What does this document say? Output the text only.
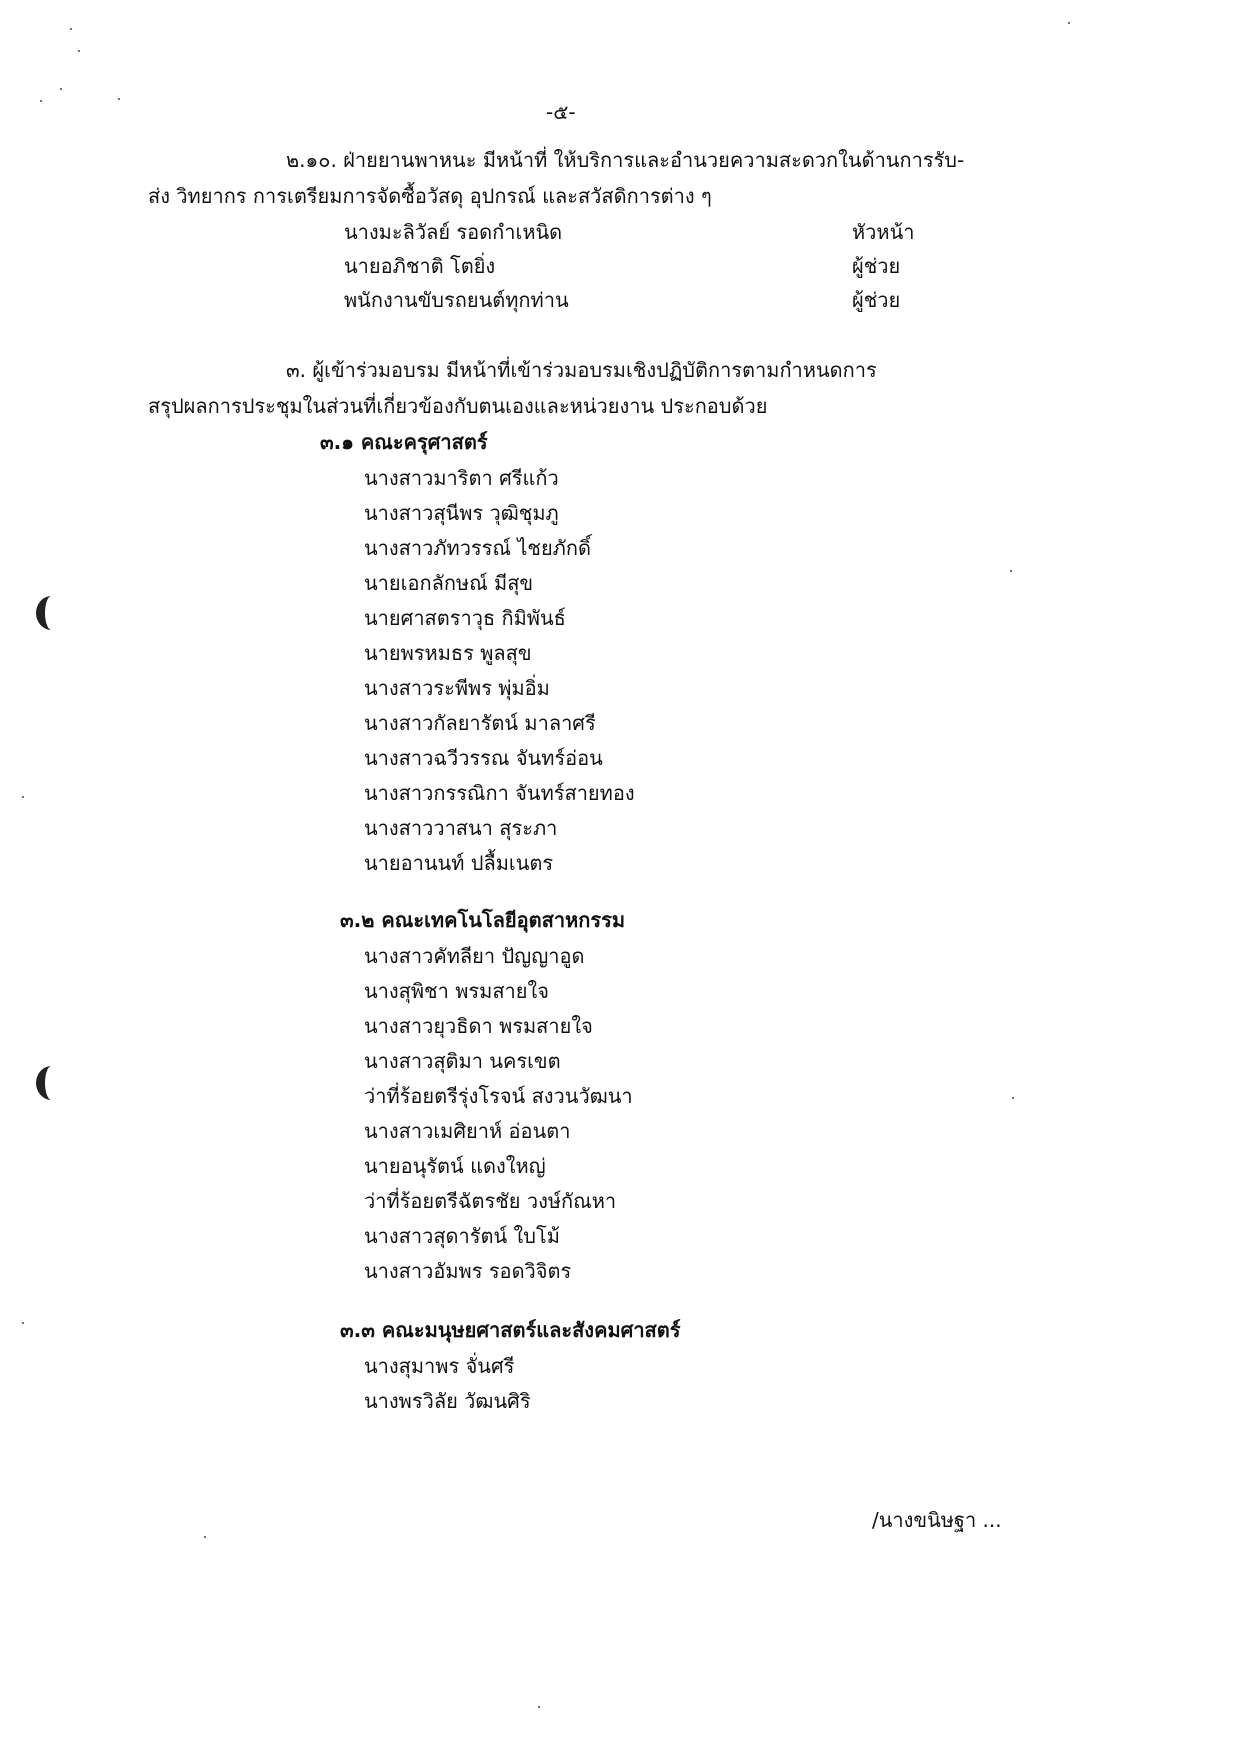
-๕-
๒.๑๐. ฝ่ายยานพาหนะ มีหน้าที่ ให้บริการและอำนวยความสะดวกในด้านการรับ-
ส่ง วิทยากร การเตรียมการจัดซื้อวัสดุ อุปกรณ์ และสวัสดิการต่าง ๆ
นางมะลิวัลย์ รอดกำเหนิด	หัวหน้า
นายอภิชาติ โตยิ่ง	ผู้ช่วย
พนักงานขับรถยนต์ทุกท่าน	ผู้ช่วย
๓. ผู้เข้าร่วมอบรม มีหน้าที่เข้าร่วมอบรมเชิงปฏิบัติการตามกำหนดการ
สรุปผลการประชุมในส่วนที่เกี่ยวข้องกับตนเองและหน่วยงาน ประกอบด้วย
๓.๑ คณะครุศาสตร์
นางสาวมาริตา ศรีแก้ว
นางสาวสุนีพร วุฒิชุมภู
นางสาวภัทวรรณ์ ไชยภักดิ์
นายเอกลักษณ์ มีสุข
นายศาสตราวุธ กิมิพันธ์
นายพรหมธร พูลสุข
นางสาวระพีพร พุ่มอิ่ม
นางสาวกัลยารัตน์ มาลาศรี
นางสาวฉวีวรรณ จันทร์อ่อน
นางสาวกรรณิกา จันทร์สายทอง
นางสาววาสนา สุระภา
นายอานนท์ ปลื้มเนตร
๓.๒ คณะเทคโนโลยีอุตสาหกรรม
นางสาวคัทลียา ปัญญาอูด
นางสุพิชา พรมสายใจ
นางสาวยุวธิดา พรมสายใจ
นางสาวสุติมา นครเขต
ว่าที่ร้อยตรีรุ่งโรจน์ สงวนวัฒนา
นางสาวเมศิยาห์ อ่อนตา
นายอนุรัตน์ แดงใหญ่
ว่าที่ร้อยตรีฉัตรชัย วงษ์กัณหา
นางสาวสุดารัตน์ ใบโม้
นางสาวอัมพร รอดวิจิตร
๓.๓ คณะมนุษยศาสตร์และสังคมศาสตร์
นางสุมาพร จั่นศรี
นางพรวิลัย วัฒนศิริ
/นางขนิษฐา ...
